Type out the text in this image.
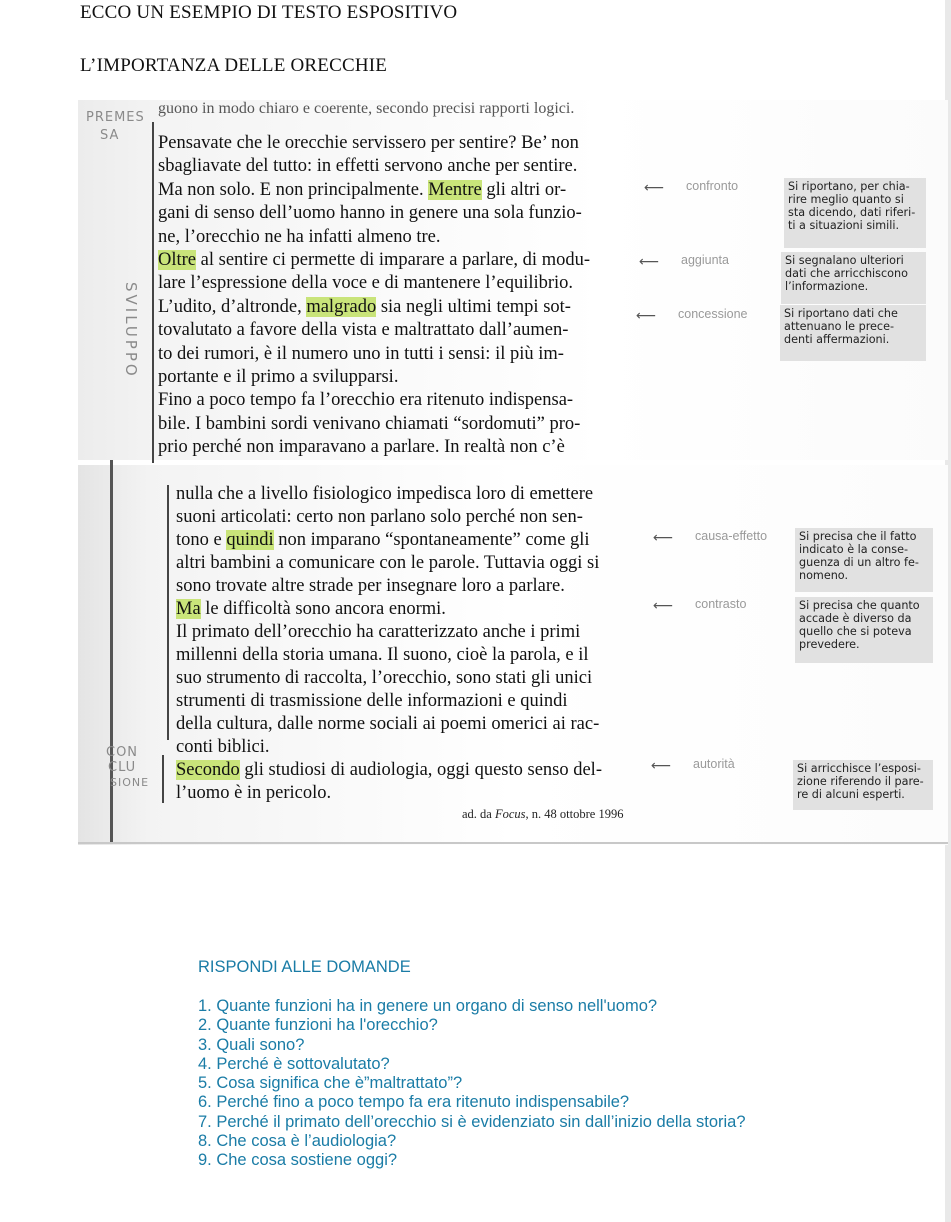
ECCO UN ESEMPIO DI TESTO ESPOSITIVO
L’IMPORTANZA DELLE ORECCHIE
PREMES
SA
SVILUPPO
CON
CLU
SIONE

guono in modo chiaro e coerente, secondo precisi rapporti logici.

Pensavate che le orecchie servissero per sentire? Be’ non

sbagliavate del tutto: in effetti servono anche per sentire.

Ma non solo. E non principalmente. Mentre gli altri or-

gani di senso dell’uomo hanno in genere una sola funzio-

ne, l’orecchio ne ha infatti almeno tre.

Oltre al sentire ci permette di imparare a parlare, di modu-

lare l’espressione della voce e di mantenere l’equilibrio.

L’udito, d’altronde, malgrado sia negli ultimi tempi sot-

tovalutato a favore della vista e maltrattato dall’aumen-

to dei rumori, è il numero uno in tutti i sensi: il più im-

portante e il primo a svilupparsi.

Fino a poco tempo fa l’orecchio era ritenuto indispensa-

bile. I bambini sordi venivano chiamati “sordomuti” pro-

prio perché non imparavano a parlare. In realtà non c’è

nulla che a livello fisiologico impedisca loro di emettere

suoni articolati: certo non parlano solo perché non sen-

tono e quindi non imparano “spontaneamente” come gli

altri bambini a comunicare con le parole. Tuttavia oggi si

sono trovate altre strade per insegnare loro a parlare.

Ma le difficoltà sono ancora enormi.

Il primato dell’orecchio ha caratterizzato anche i primi

millenni della storia umana. Il suono, cioè la parola, e il

suo strumento di raccolta, l’orecchio, sono stati gli unici

strumenti di trasmissione delle informazioni e quindi

della cultura, dalle norme sociali ai poemi omerici ai rac-

conti biblici.

Secondo gli studiosi di audiologia, oggi questo senso del-

l’uomo è in pericolo.

⟵ confronto	Si riportano, per chia-
rire meglio quanto si
sta dicendo, dati riferi-
ti a situazioni simili.
⟵ aggiunta	Si segnalano ulteriori
dati che arricchiscono
l’informazione.
⟵ concessione	Si riportano dati che
attenuano le prece-
denti affermazioni.
⟵ causa-effetto	Si precisa che il fatto
indicato è la conse-
guenza di un altro fe-
nomeno.
⟵ contrasto	Si precisa che quanto
accade è diverso da
quello che si poteva
prevedere.
⟵ autorità	Si arricchisce l’esposi-
zione riferendo il pare-
re di alcuni esperti.

ad. da Focus, n. 48 ottobre 1996

RISPONDI ALLE DOMANDE
1. Quante funzioni ha in genere un organo di senso nell'uomo?
2. Quante funzioni ha l'orecchio?
3. Quali sono?
4. Perché è sottovalutato?
5. Cosa significa che è”maltrattato”?
6. Perché fino a poco tempo fa era ritenuto indispensabile?
7. Perché il primato dell’orecchio si è evidenziato sin dall’inizio della storia?
8. Che cosa è l’audiologia?
9. Che cosa sostiene oggi?
